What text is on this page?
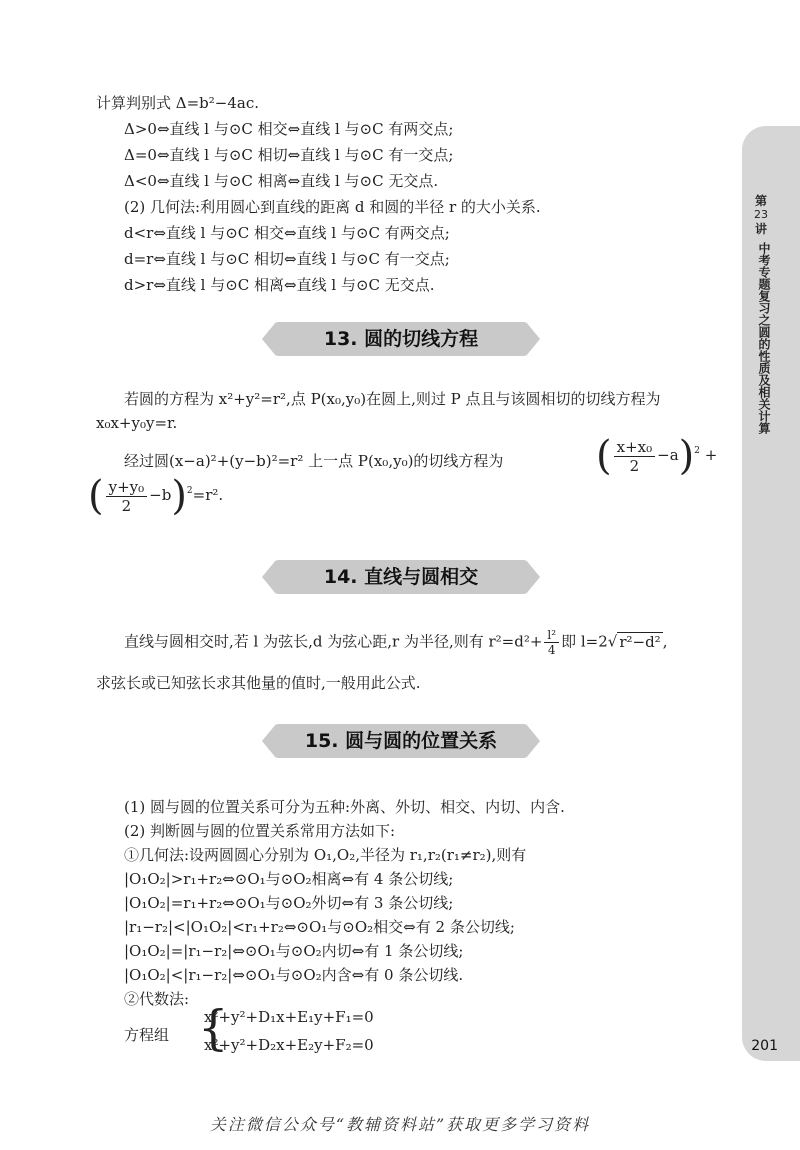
计算判别式 Δ=b²−4ac.
Δ>0⇔直线 l 与⊙C 相交⇔直线 l 与⊙C 有两交点;
Δ=0⇔直线 l 与⊙C 相切⇔直线 l 与⊙C 有一交点;
Δ<0⇔直线 l 与⊙C 相离⇔直线 l 与⊙C 无交点.
(2) 几何法:利用圆心到直线的距离 d 和圆的半径 r 的大小关系.
d<r⇔直线 l 与⊙C 相交⇔直线 l 与⊙C 有两交点;
d=r⇔直线 l 与⊙C 相切⇔直线 l 与⊙C 有一交点;
d>r⇔直线 l 与⊙C 相离⇔直线 l 与⊙C 无交点.
13. 圆的切线方程
若圆的方程为 x²+y²=r²,点 P(x₀,y₀)在圆上,则过 P 点且与该圆相切的切线方程为
x₀x+y₀y=r.
经过圆(x−a)²+(y−b)²=r² 上一点 P(x₀,y₀)的切线方程为 ( $\frac{\text{x+x₀}}{2} -a)^2$ +
( $\frac{\text{y+y₀}}{2} -b)^2=r^2$.
14. 直线与圆相交
直线与圆相交时,若 l 为弦长,d 为弦心距,r 为半径,则有 $r^2=d^2+ \frac{\text{l²}}{4}$ 即 l=2√ r²−d² ,
求弦长或已知弦长求其他量的值时,一般用此公式.
15. 圆与圆的位置关系
(1) 圆与圆的位置关系可分为五种:外离、外切、相交、内切、内含.
(2) 判断圆与圆的位置关系常用方法如下:
①几何法:设两圆圆心分别为 O₁,O₂,半径为 r₁,r₂(r₁≠r₂),则有
|O₁O₂|>r₁+r₂⇔⊙O₁与⊙O₂相离⇔有 4 条公切线;
|O₁O₂|=r₁+r₂⇔⊙O₁与⊙O₂外切⇔有 3 条公切线;
|r₁−r₂|<|O₁O₂|<r₁+r₂⇔⊙O₁与⊙O₂相交⇔有 2 条公切线;
|O₁O₂|=|r₁−r₂|⇔⊙O₁与⊙O₂内切⇔有 1 条公切线;
|O₁O₂|<|r₁−r₂|⇔⊙O₁与⊙O₂内含⇔有 0 条公切线.
②代数法:
方程组
x²+y²+D₁x+E₁y+F₁=0
x²+y²+D₂x+E₂y+F₂=0
{
第
23
讲
中考专题复习之圆的性质及相关计算
201
关注微信公众号“教辅资料站”获取更多学习资料
